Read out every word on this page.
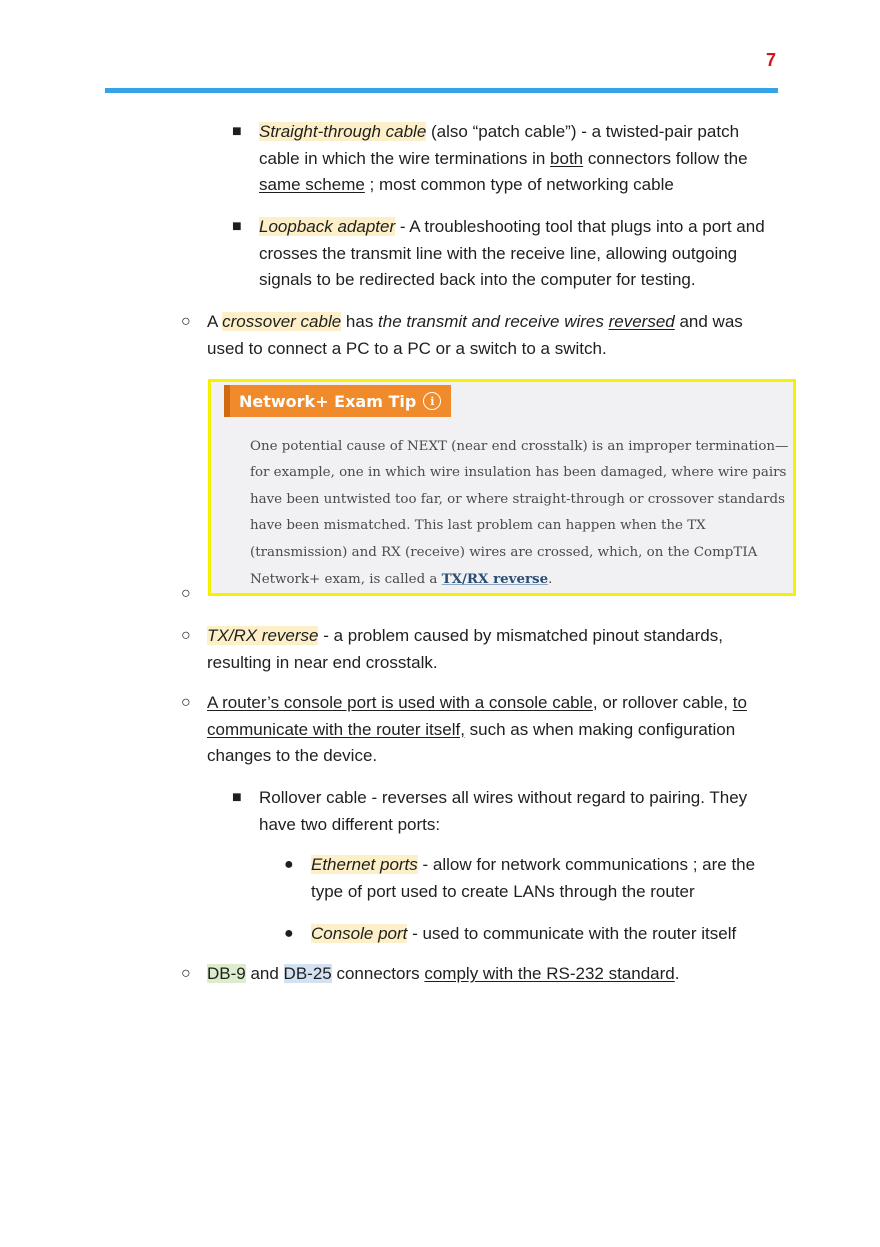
7
■ Straight-through cable (also “patch cable”) - a twisted-pair patch cable in which the wire terminations in both connectors follow the same scheme ; most common type of networking cable
■ Loopback adapter - A troubleshooting tool that plugs into a port and crosses the transmit line with the receive line, allowing outgoing signals to be redirected back into the computer for testing.
○ A crossover cable has the transmit and receive wires reversed and was used to connect a PC to a PC or a switch to a switch.
○
Network+ Exam Tip	i
One potential cause of NEXT (near end crosstalk) is an improper termination—for example, one in which wire insulation has been damaged, where wire pairs have been untwisted too far, or where straight-through or crossover standards have been mismatched. This last problem can happen when the TX (transmission) and RX (receive) wires are crossed, which, on the CompTIA Network+ exam, is called a TX/RX reverse.
○ TX/RX reverse - a problem caused by mismatched pinout standards, resulting in near end crosstalk.
○ A router’s console port is used with a console cable, or rollover cable, to communicate with the router itself, such as when making configuration changes to the device.
■ Rollover cable - reverses all wires without regard to pairing. They have two different ports:
● Ethernet ports - allow for network communications ; are the type of port used to create LANs through the router
● Console port - used to communicate with the router itself
○ DB-9 and DB-25 connectors comply with the RS-232 standard.
